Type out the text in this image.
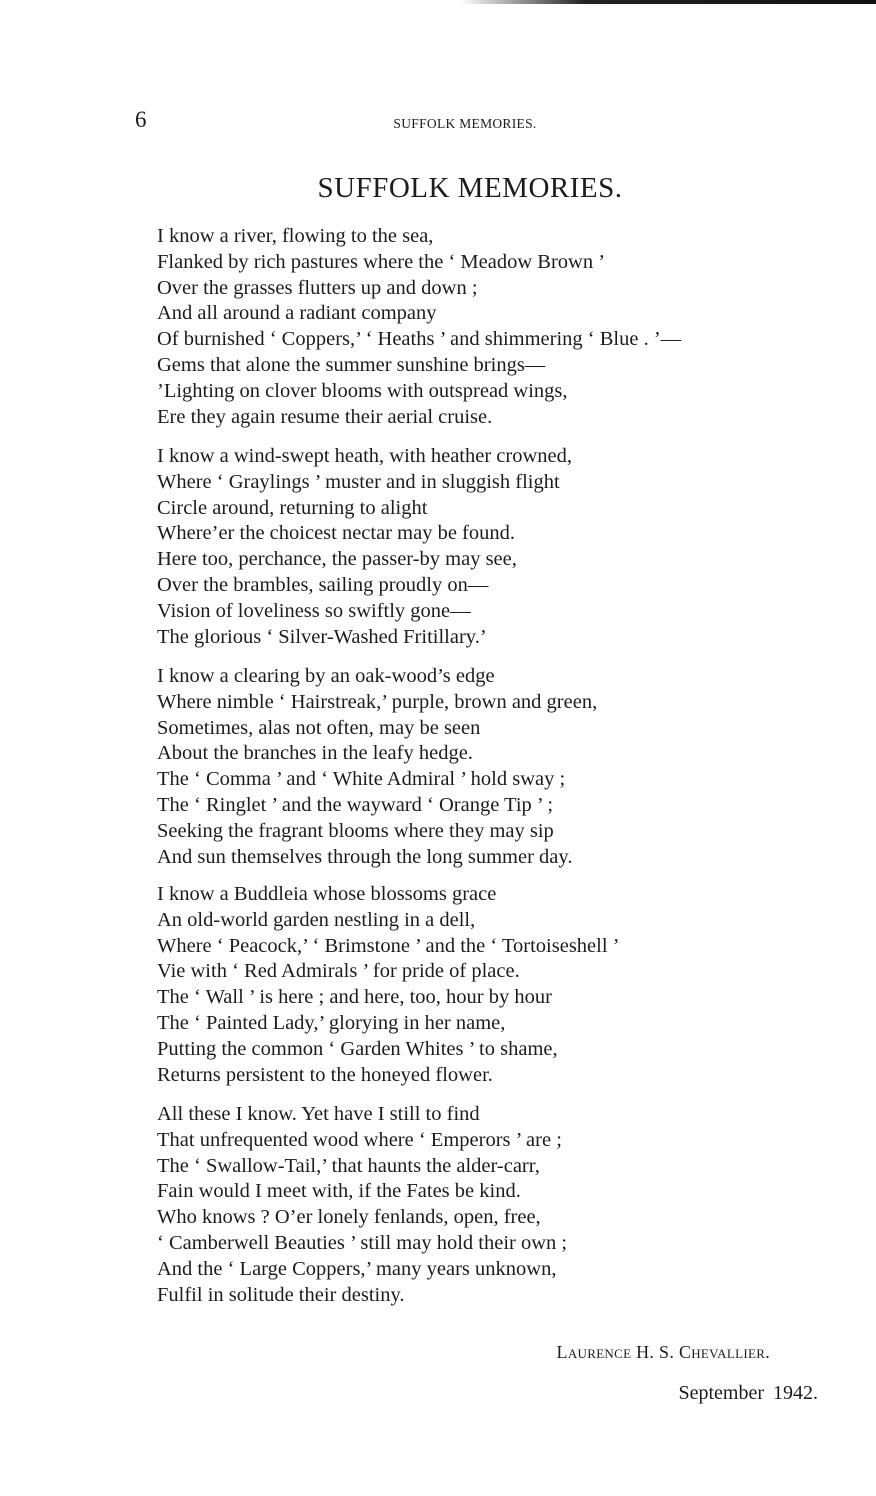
6	SUFFOLK MEMORIES.
SUFFOLK MEMORIES.
I know a river, flowing to the sea,
Flanked by rich pastures where the ‘ Meadow Brown ’
Over the grasses flutters up and down ;
And all around a radiant company
Of burnished ‘ Coppers,’ ‘ Heaths ’ and shimmering ‘ Blue . ’—
Gems that alone the summer sunshine brings—
’Lighting on clover blooms with outspread wings,
Ere they again resume their aerial cruise.
I know a wind-swept heath, with heather crowned,
Where ‘ Graylings ’ muster and in sluggish flight
Circle around, returning to alight
Where’er the choicest nectar may be found.
Here too, perchance, the passer-by may see,
Over the brambles, sailing proudly on—
Vision of loveliness so swiftly gone—
The glorious ‘ Silver-Washed Fritillary.’
I know a clearing by an oak-wood’s edge
Where nimble ‘ Hairstreak,’ purple, brown and green,
Sometimes, alas not often, may be seen
About the branches in the leafy hedge.
The ‘ Comma ’ and ‘ White Admiral ’ hold sway ;
The ‘ Ringlet ’ and the wayward ‘ Orange Tip ’ ;
Seeking the fragrant blooms where they may sip
And sun themselves through the long summer day.
I know a Buddleia whose blossoms grace
An old-world garden nestling in a dell,
Where ‘ Peacock,’ ‘ Brimstone ’ and the ‘ Tortoiseshell ’
Vie with ‘ Red Admirals ’ for pride of place.
The ‘ Wall ’ is here ; and here, too, hour by hour
The ‘ Painted Lady,’ glorying in her name,
Putting the common ‘ Garden Whites ’ to shame,
Returns persistent to the honeyed flower.
All these I know. Yet have I still to find
That unfrequented wood where ‘ Emperors ’ are ;
The ‘ Swallow-Tail,’ that haunts the alder-carr,
Fain would I meet with, if the Fates be kind.
Who knows ? O’er lonely fenlands, open, free,
‘ Camberwell Beauties ’ still may hold their own ;
And the ‘ Large Coppers,’ many years unknown,
Fulfil in solitude their destiny.
Laurence H. S. Chevallier.
September 1942.
